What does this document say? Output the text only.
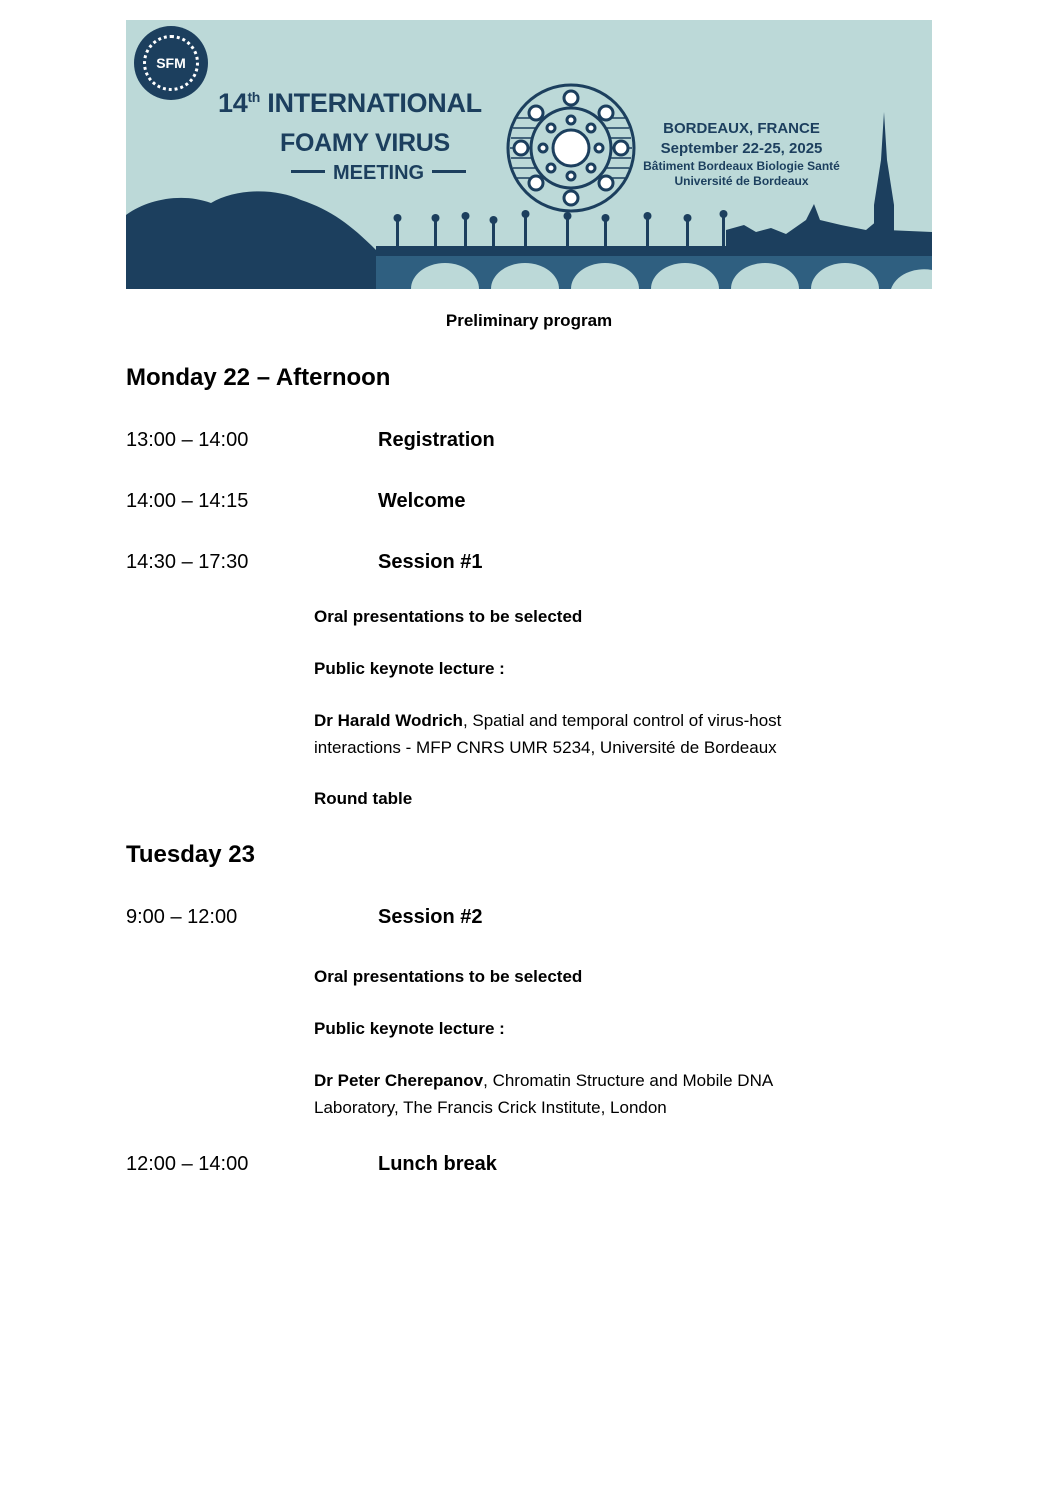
SFM
14th INTERNATIONAL
FOAMY VIRUS
MEETING
BORDEAUX, FRANCE
September 22-25, 2025
Bâtiment Bordeaux Biologie Santé
Université de Bordeaux
Preliminary program
Monday 22 – Afternoon
13:00 – 14:00	Registration
14:00 – 14:15	Welcome
14:30 – 17:30	Session #1
Oral presentations to be selected
Public keynote lecture :
Dr Harald Wodrich, Spatial and temporal control of virus-host
interactions - MFP CNRS UMR 5234, Université de Bordeaux
Round table
Tuesday 23
9:00 – 12:00	Session #2
Oral presentations to be selected
Public keynote lecture :
Dr Peter Cherepanov, Chromatin Structure and Mobile DNA
Laboratory, The Francis Crick Institute, London
12:00 – 14:00	Lunch break
